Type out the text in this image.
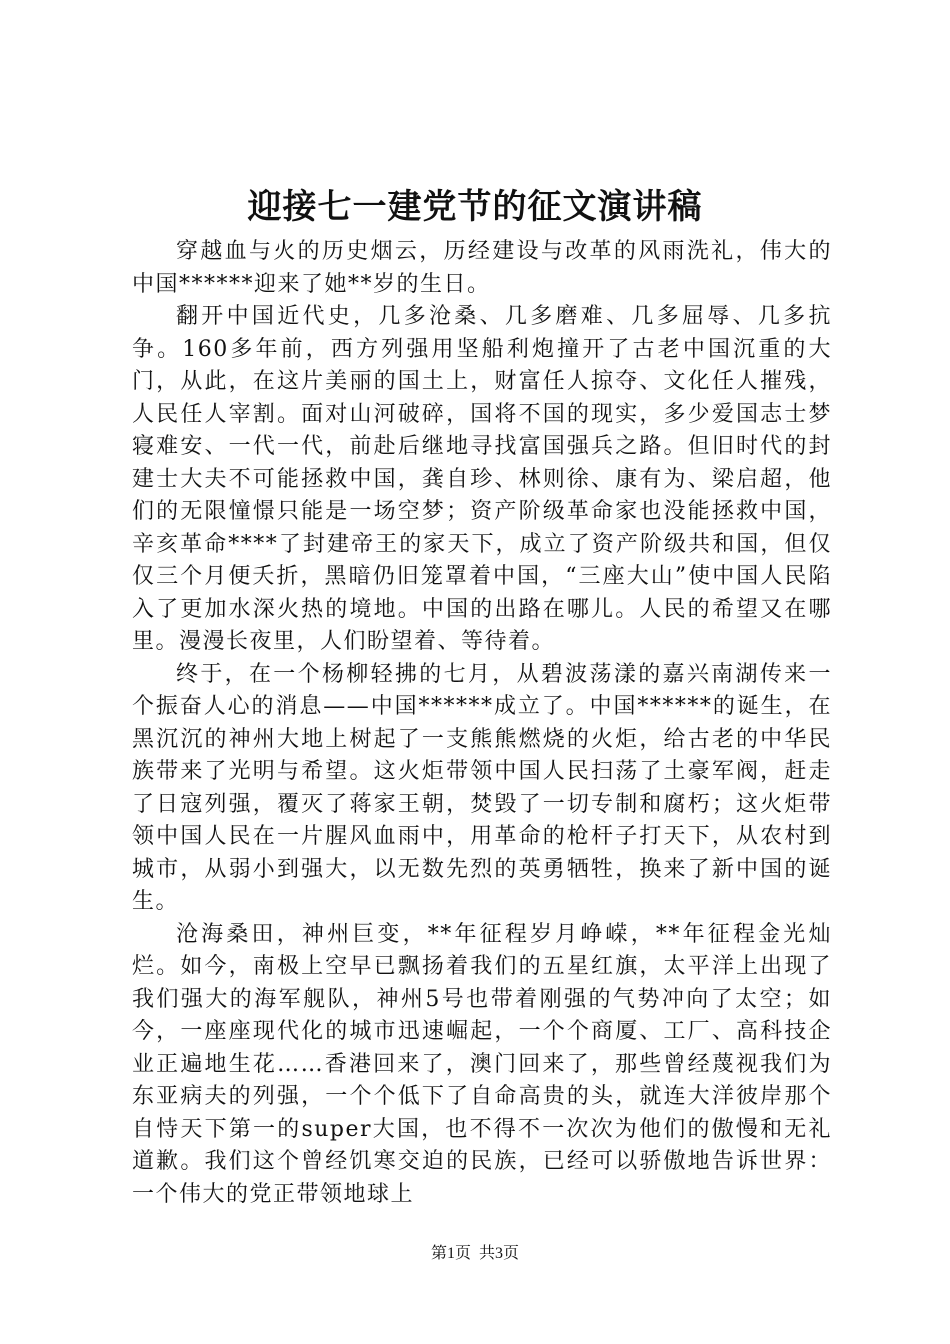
迎接七一建党节的征文演讲稿

穿越血与火的历史烟云，历经建设与改革的风雨洗礼，伟大的中国******迎来了她**岁的生日。

翻开中国近代史，几多沧桑、几多磨难、几多屈辱、几多抗争。160多年前，西方列强用坚船利炮撞开了古老中国沉重的大门，从此，在这片美丽的国土上，财富任人掠夺、文化任人摧残，人民任人宰割。面对山河破碎，国将不国的现实，多少爱国志士梦寝难安、一代一代，前赴后继地寻找富国强兵之路。但旧时代的封建士大夫不可能拯救中国，龚自珍、林则徐、康有为、梁启超，他们的无限憧憬只能是一场空梦；资产阶级革命家也没能拯救中国，辛亥革命****了封建帝王的家天下，成立了资产阶级共和国，但仅仅三个月便夭折，黑暗仍旧笼罩着中国，“三座大山”使中国人民陷入了更加水深火热的境地。中国的出路在哪儿。人民的希望又在哪里。漫漫长夜里，人们盼望着、等待着。

终于，在一个杨柳轻拂的七月，从碧波荡漾的嘉兴南湖传来一个振奋人心的消息——中国******成立了。中国******的诞生，在黑沉沉的神州大地上树起了一支熊熊燃烧的火炬，给古老的中华民族带来了光明与希望。这火炬带领中国人民扫荡了土豪军阀，赶走了日寇列强，覆灭了蒋家王朝，焚毁了一切专制和腐朽；这火炬带领中国人民在一片腥风血雨中，用革命的枪杆子打天下，从农村到城市，从弱小到强大，以无数先烈的英勇牺牲，换来了新中国的诞生。

沧海桑田，神州巨变，**年征程岁月峥嵘，**年征程金光灿烂。如今，南极上空早已飘扬着我们的五星红旗，太平洋上出现了我们强大的海军舰队，神州5号也带着刚强的气势冲向了太空；如今，一座座现代化的城市迅速崛起，一个个商厦、工厂、高科技企业正遍地生花……香港回来了，澳门回来了，那些曾经蔑视我们为东亚病夫的列强，一个个低下了自命高贵的头，就连大洋彼岸那个自恃天下第一的super大国，也不得不一次次为他们的傲慢和无礼道歉。我们这个曾经饥寒交迫的民族，已经可以骄傲地告诉世界：一个伟大的党正带领地球上

第1页 共3页
